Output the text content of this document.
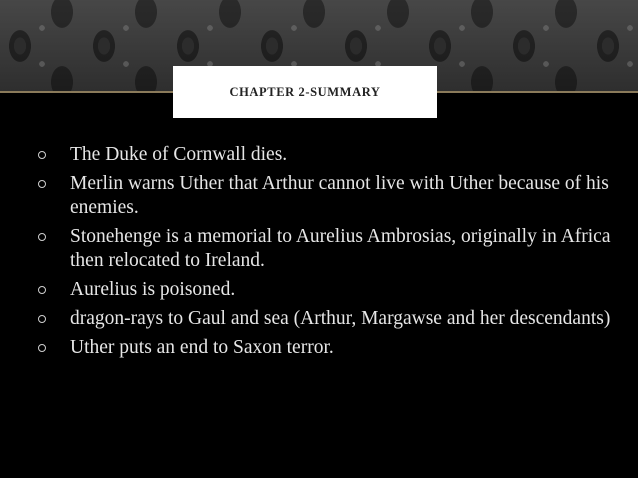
CHAPTER 2-SUMMARY
The Duke of Cornwall dies.
Merlin warns Uther that Arthur cannot live with Uther because of his enemies.
Stonehenge is a memorial to Aurelius Ambrosias, originally in Africa then relocated to Ireland.
Aurelius is poisoned.
dragon-rays to Gaul and sea (Arthur, Margawse and her descendants)
Uther puts an end to Saxon terror.
